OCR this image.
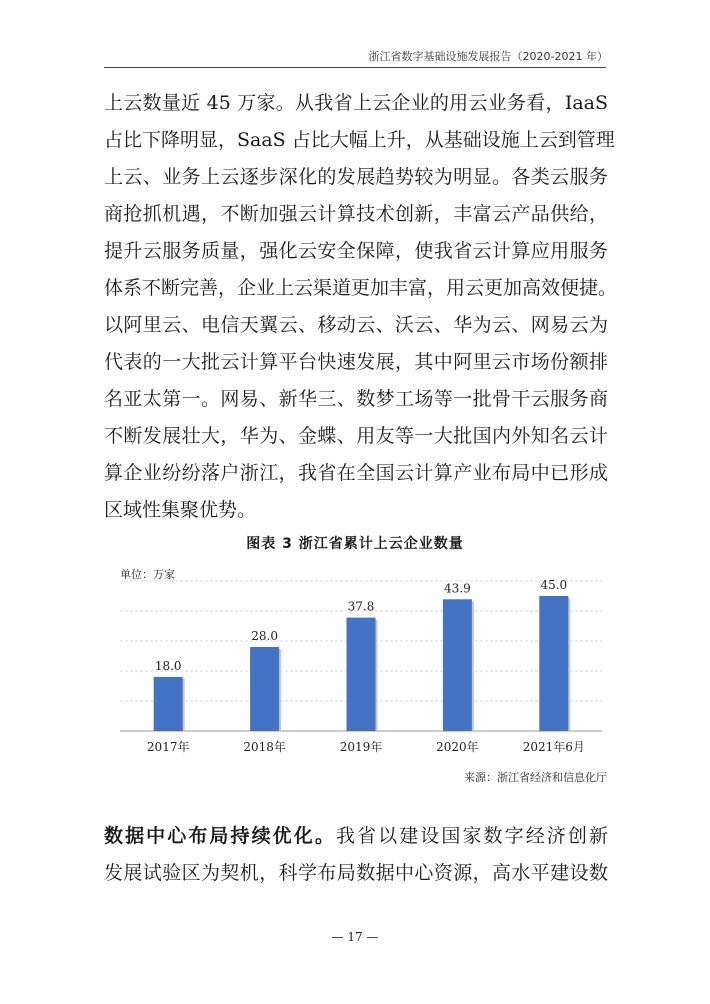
浙江省数字基础设施发展报告（2020-2021 年）
上云数量近 45 万家。从我省上云企业的用云业务看，IaaS
占比下降明显，SaaS 占比大幅上升，从基础设施上云到管理
上云、业务上云逐步深化的发展趋势较为明显。各类云服务
商抢抓机遇，不断加强云计算技术创新，丰富云产品供给，
提升云服务质量，强化云安全保障，使我省云计算应用服务
体系不断完善，企业上云渠道更加丰富，用云更加高效便捷。
以阿里云、电信天翼云、移动云、沃云、华为云、网易云为
代表的一大批云计算平台快速发展，其中阿里云市场份额排
名亚太第一。网易、新华三、数梦工场等一批骨干云服务商
不断发展壮大，华为、金蝶、用友等一大批国内外知名云计
算企业纷纷落户浙江，我省在全国云计算产业布局中已形成
区域性集聚优势。
图表 3 浙江省累计上云企业数量
单位：万家
18.0
2017年
28.0
2018年
37.8
2019年
43.9
2020年
45.0
2021年6月
来源：浙江省经济和信息化厅
数据中心布局持续优化。我省以建设国家数字经济创新
发展试验区为契机，科学布局数据中心资源，高水平建设数
— 17 —
